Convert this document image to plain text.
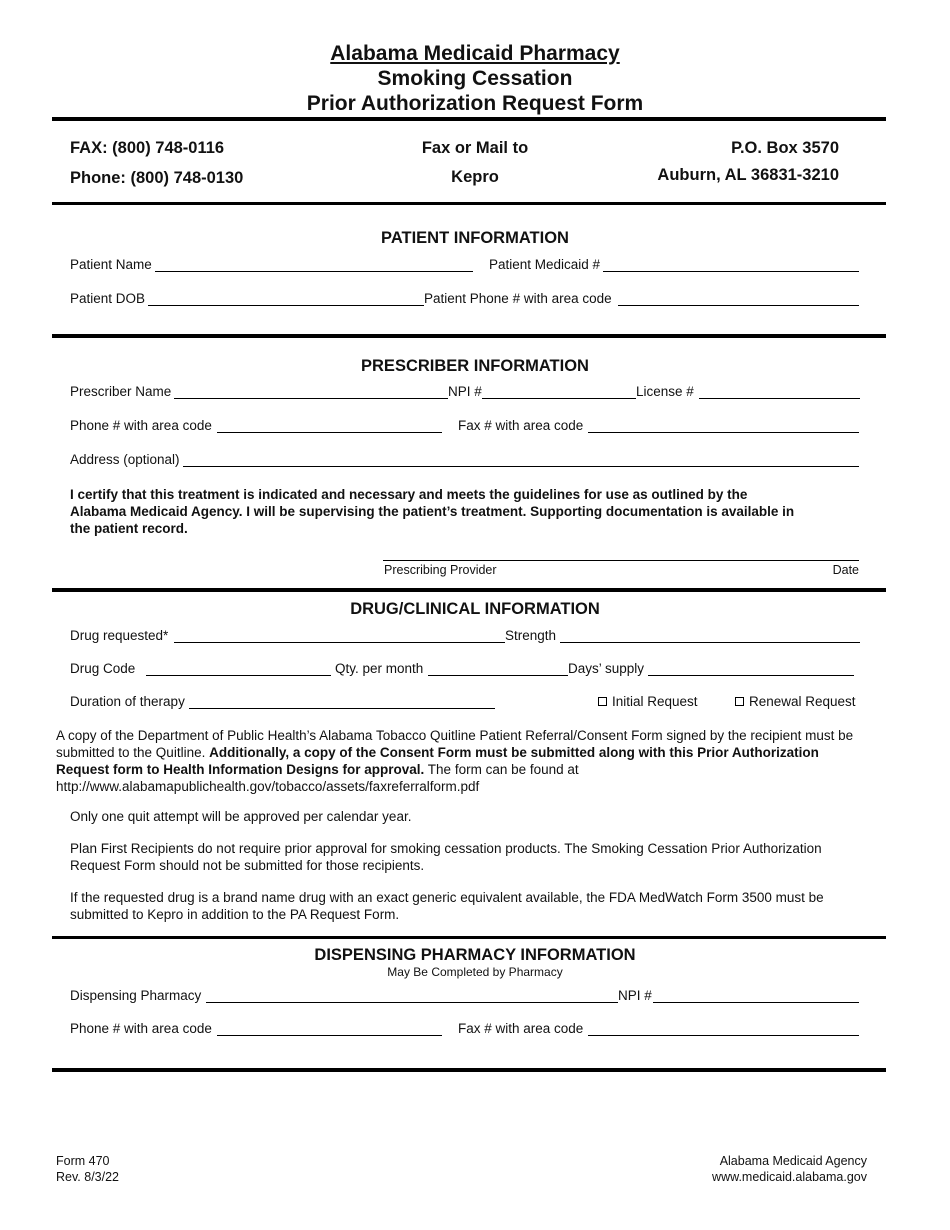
Alabama Medicaid Pharmacy
Smoking Cessation
Prior Authorization Request Form
FAX: (800) 748-0116
Phone: (800) 748-0130
Fax or Mail to
Kepro
P.O. Box 3570
Auburn, AL 36831-3210
PATIENT INFORMATION
Patient Name	Patient Medicaid #
Patient DOB	Patient Phone # with area code
PRESCRIBER INFORMATION
Prescriber Name	NPI #	License #
Phone # with area code	Fax # with area code
Address (optional)
I certify that this treatment is indicated and necessary and meets the guidelines for use as outlined by the
Alabama Medicaid Agency. I will be supervising the patient’s treatment. Supporting documentation is available in
the patient record.
Prescribing Provider	Date
DRUG/CLINICAL INFORMATION
Drug requested*	Strength
Drug Code	Qty. per month	Days’ supply
Duration of therapy	Initial Request	Renewal Request
A copy of the Department of Public Health’s Alabama Tobacco Quitline Patient Referral/Consent Form signed by the recipient must be
submitted to the Quitline. Additionally, a copy of the Consent Form must be submitted along with this Prior Authorization
Request form to Health Information Designs for approval. The form can be found at
http://www.alabamapublichealth.gov/tobacco/assets/faxreferralform.pdf
Only one quit attempt will be approved per calendar year.
Plan First Recipients do not require prior approval for smoking cessation products. The Smoking Cessation Prior Authorization
Request Form should not be submitted for those recipients.
If the requested drug is a brand name drug with an exact generic equivalent available, the FDA MedWatch Form 3500 must be
submitted to Kepro in addition to the PA Request Form.
DISPENSING PHARMACY INFORMATION
May Be Completed by Pharmacy
Dispensing Pharmacy	NPI #
Phone # with area code	Fax # with area code
Form 470
Rev. 8/3/22
Alabama Medicaid Agency
www.medicaid.alabama.gov
